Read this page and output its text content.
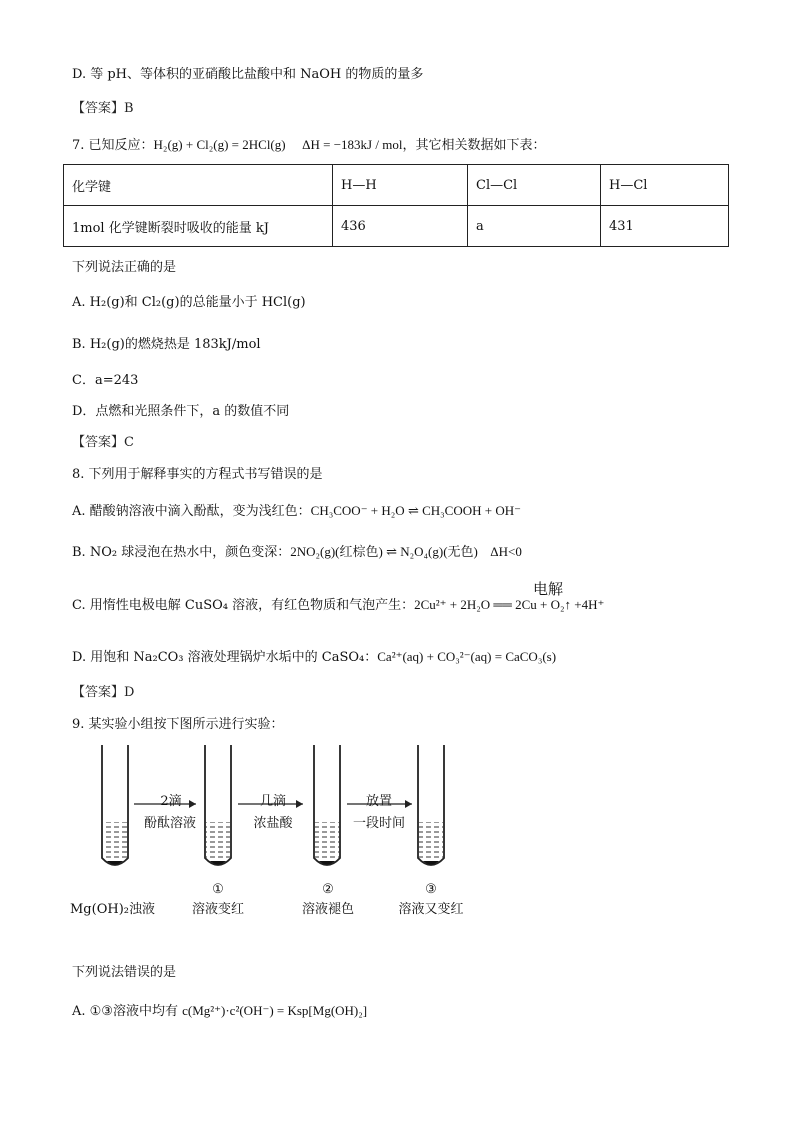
D. 等 pH、等体积的亚硝酸比盐酸中和 NaOH 的物质的量多
【答案】B
7. 已知反应：H₂(g) + Cl₂(g) = 2HCl(g) ΔH = −183kJ / mol，其它相关数据如下表：
化学键	H—H	Cl—Cl	H—Cl
1mol 化学键断裂时吸收的能量 kJ	436	a	431
下列说法正确的是
A. H₂(g)和 Cl₂(g)的总能量小于 HCl(g)
B. H₂(g)的燃烧热是 183kJ/mol
C．a=243
D．点燃和光照条件下，a 的数值不同
【答案】C
8. 下列用于解释事实的方程式书写错误的是
A. 醋酸钠溶液中滴入酚酞，变为浅红色：CH₃COO⁻ + H₂O ⇌ CH₃COOH + OH⁻
B. NO₂ 球浸泡在热水中，颜色变深：2NO₂(g)(红棕色) ⇌ N₂O₄(g)(无色) ΔH<0
电解
C. 用惰性电极电解 CuSO₄ 溶液，有红色物质和气泡产生：2Cu²⁺ + 2H₂O ══ 2Cu + O₂↑ +4H⁺
D. 用饱和 Na₂CO₃ 溶液处理锅炉水垢中的 CaSO₄：Ca²⁺(aq) + CO₃²⁻(aq) = CaCO₃(s)
【答案】D
9. 某实验小组按下图所示进行实验：
2滴
酚酞溶液
几滴
浓盐酸
放置
一段时间
Mg(OH)₂浊液
①
溶液变红
②
溶液褪色
③
溶液又变红
下列说法错误的是
A. ①③溶液中均有 c(Mg²⁺)·c²(OH⁻) = Ksp[Mg(OH)₂]
